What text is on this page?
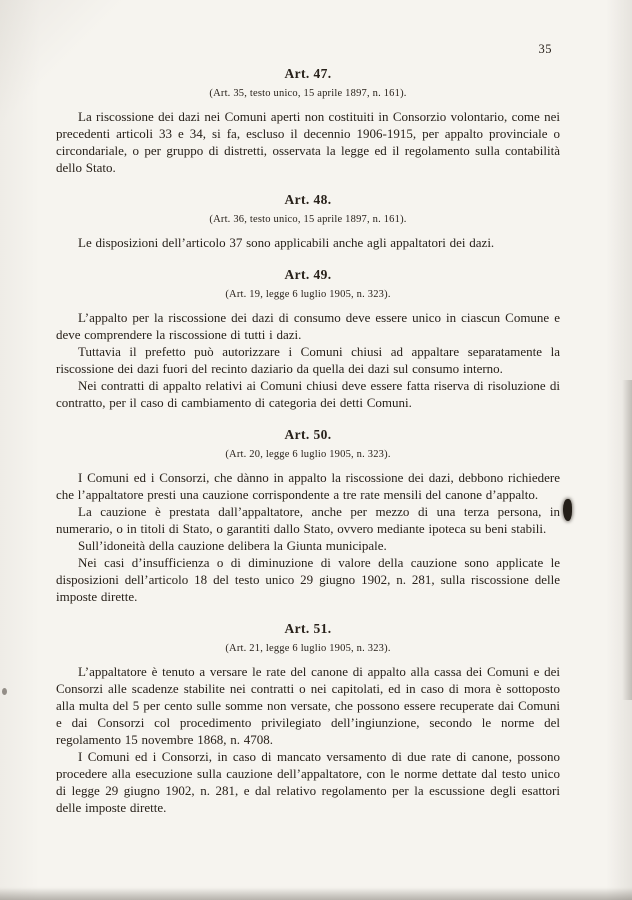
35
Art. 47.
(Art. 35, testo unico, 15 aprile 1897, n. 161).

La riscossione dei dazi nei Comuni aperti non costituiti in Consorzio volontario, come nei precedenti articoli 33 e 34, si fa, escluso il decennio 1906-1915, per appalto provinciale o circondariale, o per gruppo di distretti, osservata la legge ed il regolamento sulla contabilità dello Stato.

Art. 48.
(Art. 36, testo unico, 15 aprile 1897, n. 161).

Le disposizioni dell’articolo 37 sono applicabili anche agli appaltatori dei dazi.

Art. 49.
(Art. 19, legge 6 luglio 1905, n. 323).

L’appalto per la riscossione dei dazi di consumo deve essere unico in ciascun Comune e deve comprendere la riscossione di tutti i dazi.

Tuttavia il prefetto può autorizzare i Comuni chiusi ad appaltare separatamente la riscossione dei dazi fuori del recinto daziario da quella dei dazi sul consumo interno.

Nei contratti di appalto relativi ai Comuni chiusi deve essere fatta riserva di risoluzione di contratto, per il caso di cambiamento di categoria dei detti Comuni.

Art. 50.
(Art. 20, legge 6 luglio 1905, n. 323).

I Comuni ed i Consorzi, che dànno in appalto la riscossione dei dazi, debbono richiedere che l’appaltatore presti una cauzione corrispondente a tre rate mensili del canone d’appalto.

La cauzione è prestata dall’appaltatore, anche per mezzo di una terza persona, in numerario, o in titoli di Stato, o garantiti dallo Stato, ovvero mediante ipoteca su beni stabili.

Sull’idoneità della cauzione delibera la Giunta municipale.

Nei casi d’insufficienza o di diminuzione di valore della cauzione sono applicate le disposizioni dell’articolo 18 del testo unico 29 giugno 1902, n. 281, sulla riscossione delle imposte dirette.

Art. 51.
(Art. 21, legge 6 luglio 1905, n. 323).

L’appaltatore è tenuto a versare le rate del canone di appalto alla cassa dei Comuni e dei Consorzi alle scadenze stabilite nei contratti o nei capitolati, ed in caso di mora è sottoposto alla multa del 5 per cento sulle somme non versate, che possono essere recuperate dai Comuni e dai Consorzi col procedimento privilegiato dell’ingiunzione, secondo le norme del regolamento 15 novembre 1868, n. 4708.

I Comuni ed i Consorzi, in caso di mancato versamento di due rate di canone, possono procedere alla esecuzione sulla cauzione dell’appaltatore, con le norme dettate dal testo unico di legge 29 giugno 1902, n. 281, e dal relativo regolamento per la escussione degli esattori delle imposte dirette.
